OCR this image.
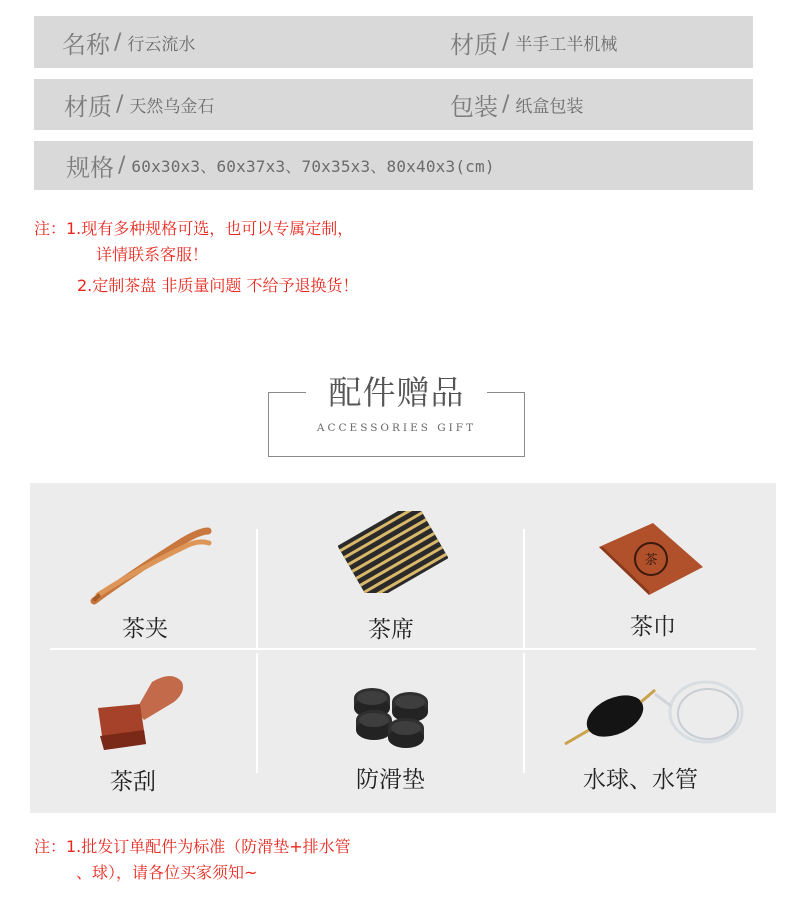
名称 / 行云流水	材质 / 半手工半机械
材质 / 天然乌金石	包装 / 纸盒包装
规格 / 60x30x3、60x37x3、70x35x3、80x40x3(cm)
注：1.现有多种规格可选，也可以专属定制，
详情联系客服！
2.定制茶盘 非质量问题 不给予退换货！
配件赠品
ACCESSORIES GIFT
茶夹	茶席
茶
茶巾
茶刮	防滑垫	水球、水管
注：1.批发订单配件为标准（防滑垫+排水管
、球），请各位买家须知~
